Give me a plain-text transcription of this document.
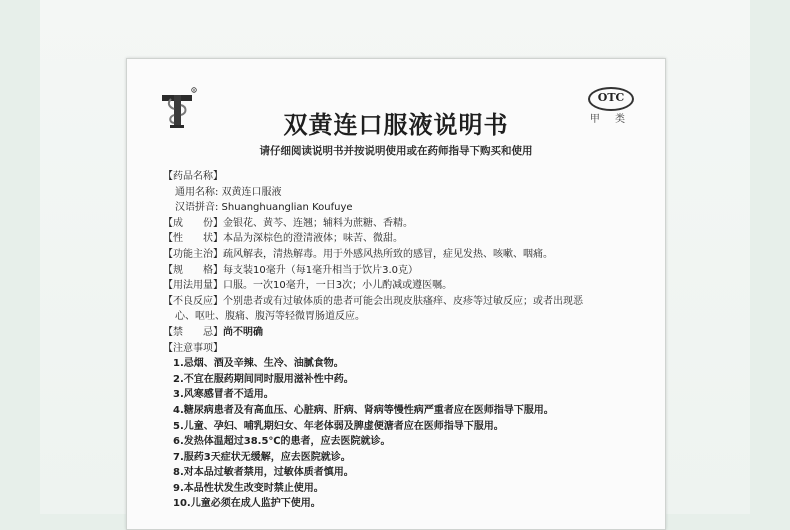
R
OTC
甲 类
双黄连口服液说明书
请仔细阅读说明书并按说明使用或在药师指导下购买和使用
【药品名称】
通用名称: 双黄连口服液
汉语拼音: Shuanghuanglian Koufuye
【成　　份】金银花、黄芩、连翘；辅料为蔗糖、香精。
【性　　状】本品为深棕色的澄清液体；味苦、微甜。
【功能主治】疏风解表，清热解毒。用于外感风热所致的感冒，症见发热、咳嗽、咽痛。
【规　　格】每支装10毫升（每1毫升相当于饮片3.0克）
【用法用量】口服。一次10毫升，一日3次；小儿酌减或遵医嘱。
【不良反应】个别患者或有过敏体质的患者可能会出现皮肤瘙痒、皮疹等过敏反应；或者出现恶
心、呕吐、腹痛、腹泻等轻微胃肠道反应。
【禁　　忌】尚不明确
【注意事项】
1.忌烟、酒及辛辣、生冷、油腻食物。
2.不宜在服药期间同时服用滋补性中药。
3.风寒感冒者不适用。
4.糖尿病患者及有高血压、心脏病、肝病、肾病等慢性病严重者应在医师指导下服用。
5.儿童、孕妇、哺乳期妇女、年老体弱及脾虚便溏者应在医师指导下服用。
6.发热体温超过38.5℃的患者，应去医院就诊。
7.服药3天症状无缓解，应去医院就诊。
8.对本品过敏者禁用，过敏体质者慎用。
9.本品性状发生改变时禁止使用。
10.儿童必须在成人监护下使用。
